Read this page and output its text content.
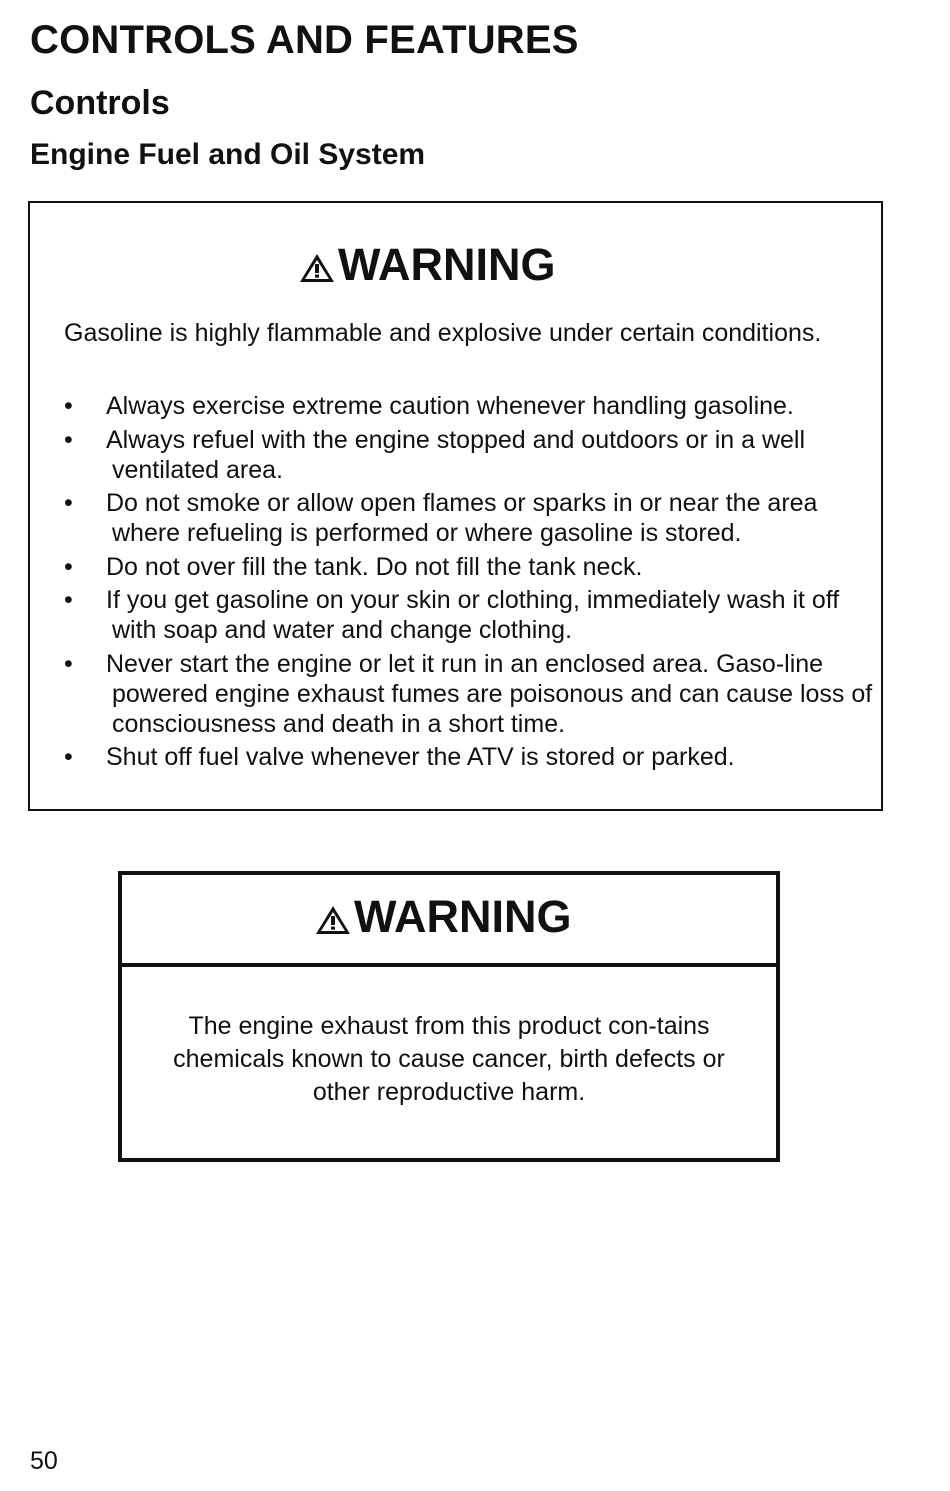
CONTROLS AND FEATURES
Controls
Engine Fuel and Oil System
WARNING
Gasoline is highly flammable and explosive under certain conditions.
• Always exercise extreme caution whenever handling gasoline.
• Always refuel with the engine stopped and outdoors or in a well ventilated area.
• Do not smoke or allow open flames or sparks in or near the area where refueling is performed or where gasoline is stored.
• Do not over fill the tank. Do not fill the tank neck.
• If you get gasoline on your skin or clothing, immediately wash it off with soap and water and change clothing.
• Never start the engine or let it run in an enclosed area. Gaso-line powered engine exhaust fumes are poisonous and can cause loss of consciousness and death in a short time.
• Shut off fuel valve whenever the ATV is stored or parked.
WARNING
The engine exhaust from this product con-tains chemicals known to cause cancer, birth defects or other reproductive harm.
50
